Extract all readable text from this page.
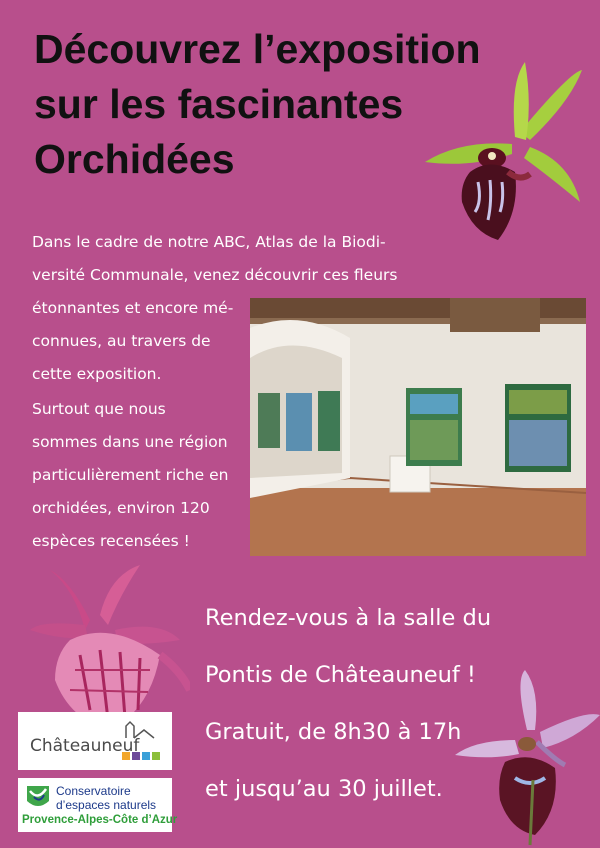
Découvrez l’exposition
sur les fascinantes
Orchidées
Dans le cadre de notre ABC, Atlas de la Biodi-
versité Communale, venez découvrir ces fleurs
étonnantes et encore mé-
connues, au travers de
cette exposition.
Surtout que nous
sommes dans une région
particulièrement riche en
orchidées, environ 120
espèces recensées !
Rendez-vous à la salle du
Pontis de Châteauneuf !
Gratuit, de 8h30 à 17h
et jusqu’au 30 juillet.
Châteauneuf
Conservatoire
d’espaces naturels
Provence-Alpes-Côte d’Azur
